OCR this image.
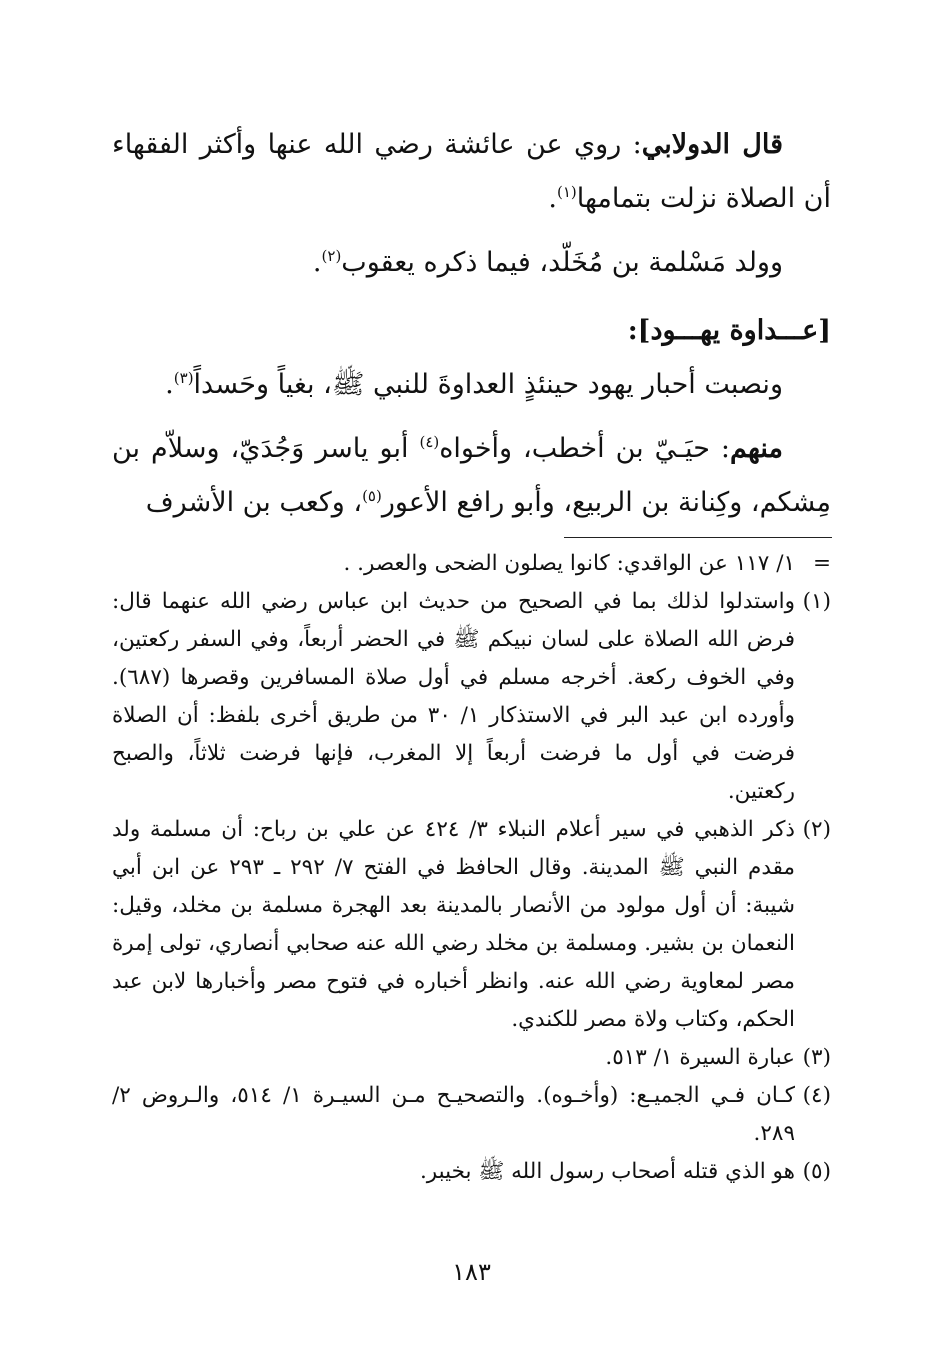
قال الدولابي: روي عن عائشة رضي الله عنها وأكثر الفقهاء أن الصلاة نزلت بتمامها$^{(١)}$.

وولد مَسْلمة بن مُخَلّد، فيما ذكره يعقوب$^{(٢)}$.

[عـــداوة يهـــود]:

ونصبت أحبار يهود حينئذٍ العداوةَ للنبي ﷺ، بغياً وحَسداً$^{(٣)}$.

منهم: حيَـيّ بن أخطب، وأخواه$^{(٤)}$ أبو ياسر وَجُدَيّ، وسلاّم بن مِشكم، وكِنانة بن الربيع، وأبو رافع الأعور$^{(٥)}$، وكعب بن الأشرف

=
١/ ١١٧ عن الواقدي: كانوا يصلون الضحى والعصر. .

(١)
واستدلوا لذلك بما في الصحيح من حديث ابن عباس رضي الله عنهما قال: فرض الله الصلاة على لسان نبيكم ﷺ في الحضر أربعاً، وفي السفر ركعتين، وفي الخوف ركعة. أخرجه مسلم في أول صلاة المسافرين وقصرها (٦٨٧). وأورده ابن عبد البر في الاستذكار ١/ ٣٠ من طريق أخرى بلفظ: أن الصلاة فرضت في أول ما فرضت أربعاً إلا المغرب، فإنها فرضت ثلاثاً، والصبح ركعتين.

(٢)
ذكر الذهبي في سير أعلام النبلاء ٣/ ٤٢٤ عن علي بن رباح: أن مسلمة ولد مقدم النبي ﷺ المدينة. وقال الحافظ في الفتح ٧/ ٢٩٢ ـ ٢٩٣ عن ابن أبي شيبة: أن أول مولود من الأنصار بالمدينة بعد الهجرة مسلمة بن مخلد، وقيل: النعمان بن بشير. ومسلمة بن مخلد رضي الله عنه صحابي أنصاري، تولى إمرة مصر لمعاوية رضي الله عنه. وانظر أخباره في فتوح مصر وأخبارها لابن عبد الحكم، وكتاب ولاة مصر للكندي.

(٣)
عبارة السيرة ١/ ٥١٣.

(٤)
كـان فـي الجميـع: (وأخـوه). والتصحيـح مـن السيـرة ١/ ٥١٤، والـروض ٢/ ٢٨٩.

(٥)
هو الذي قتله أصحاب رسول الله ﷺ بخيبر.

١٨٣
